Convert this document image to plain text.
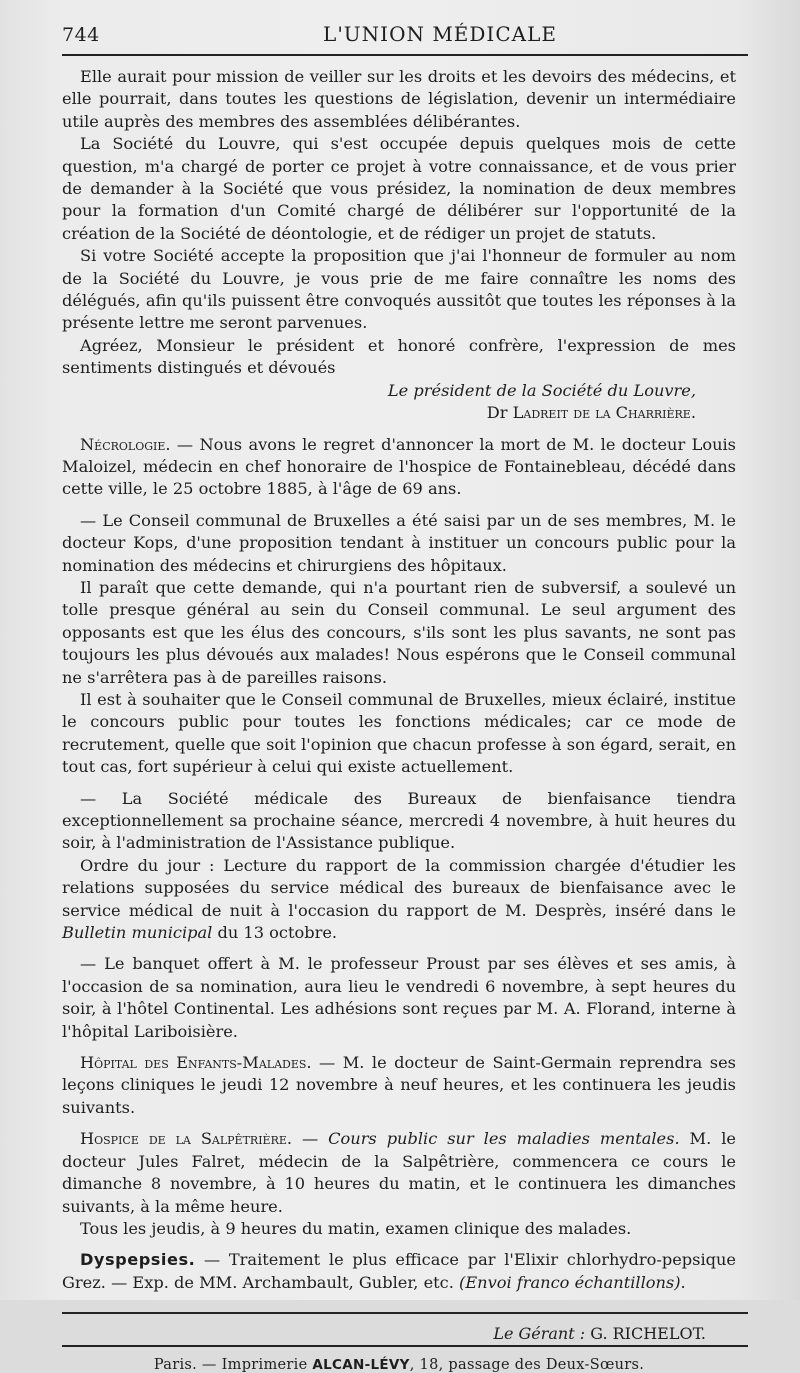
744	L'UNION MÉDICALE

Elle aurait pour mission de veiller sur les droits et les devoirs des médecins, et elle pourrait, dans toutes les questions de législation, devenir un intermédiaire utile auprès des membres des assemblées délibérantes.

La Société du Louvre, qui s'est occupée depuis quelques mois de cette question, m'a chargé de porter ce projet à votre connaissance, et de vous prier de demander à la Société que vous présidez, la nomination de deux membres pour la formation d'un Comité chargé de délibérer sur l'opportunité de la création de la Société de déontologie, et de rédiger un projet de statuts.

Si votre Société accepte la proposition que j'ai l'honneur de formuler au nom de la Société du Louvre, je vous prie de me faire connaître les noms des délégués, afin qu'ils puissent être convoqués aussitôt que toutes les réponses à la présente lettre me seront parvenues.

Agréez, Monsieur le président et honoré confrère, l'expression de mes sentiments distingués et dévoués

Le président de la Société du Louvre,
Dr Ladreit de la Charrière.

Nécrologie. — Nous avons le regret d'annoncer la mort de M. le docteur Louis Maloizel, médecin en chef honoraire de l'hospice de Fontainebleau, décédé dans cette ville, le 25 octobre 1885, à l'âge de 69 ans.

— Le Conseil communal de Bruxelles a été saisi par un de ses membres, M. le docteur Kops, d'une proposition tendant à instituer un concours public pour la nomination des médecins et chirurgiens des hôpitaux.

Il paraît que cette demande, qui n'a pourtant rien de subversif, a soulevé un tolle presque général au sein du Conseil communal. Le seul argument des opposants est que les élus des concours, s'ils sont les plus savants, ne sont pas toujours les plus dévoués aux malades! Nous espérons que le Conseil communal ne s'arrêtera pas à de pareilles raisons.

Il est à souhaiter que le Conseil communal de Bruxelles, mieux éclairé, institue le concours public pour toutes les fonctions médicales; car ce mode de recrutement, quelle que soit l'opinion que chacun professe à son égard, serait, en tout cas, fort supérieur à celui qui existe actuellement.

— La Société médicale des Bureaux de bienfaisance tiendra exceptionnellement sa prochaine séance, mercredi 4 novembre, à huit heures du soir, à l'administration de l'Assistance publique.

Ordre du jour : Lecture du rapport de la commission chargée d'étudier les relations supposées du service médical des bureaux de bienfaisance avec le service médical de nuit à l'occasion du rapport de M. Desprès, inséré dans le Bulletin municipal du 13 octobre.

— Le banquet offert à M. le professeur Proust par ses élèves et ses amis, à l'occasion de sa nomination, aura lieu le vendredi 6 novembre, à sept heures du soir, à l'hôtel Continental. Les adhésions sont reçues par M. A. Florand, interne à l'hôpital Lariboisière.

Hôpital des Enfants-Malades. — M. le docteur de Saint-Germain reprendra ses leçons cliniques le jeudi 12 novembre à neuf heures, et les continuera les jeudis suivants.

Hospice de la Salpêtrière. — Cours public sur les maladies mentales. M. le docteur Jules Falret, médecin de la Salpêtrière, commencera ce cours le dimanche 8 novembre, à 10 heures du matin, et le continuera les dimanches suivants, à la même heure.

Tous les jeudis, à 9 heures du matin, examen clinique des malades.

Dyspepsies. — Traitement le plus efficace par l'Elixir chlorhydro-pepsique Grez. — Exp. de MM. Archambault, Gubler, etc. (Envoi franco échantillons).

Le Gérant : G. RICHELOT.
Paris. — Imprimerie ALCAN-LÉVY, 18, passage des Deux-Sœurs.
